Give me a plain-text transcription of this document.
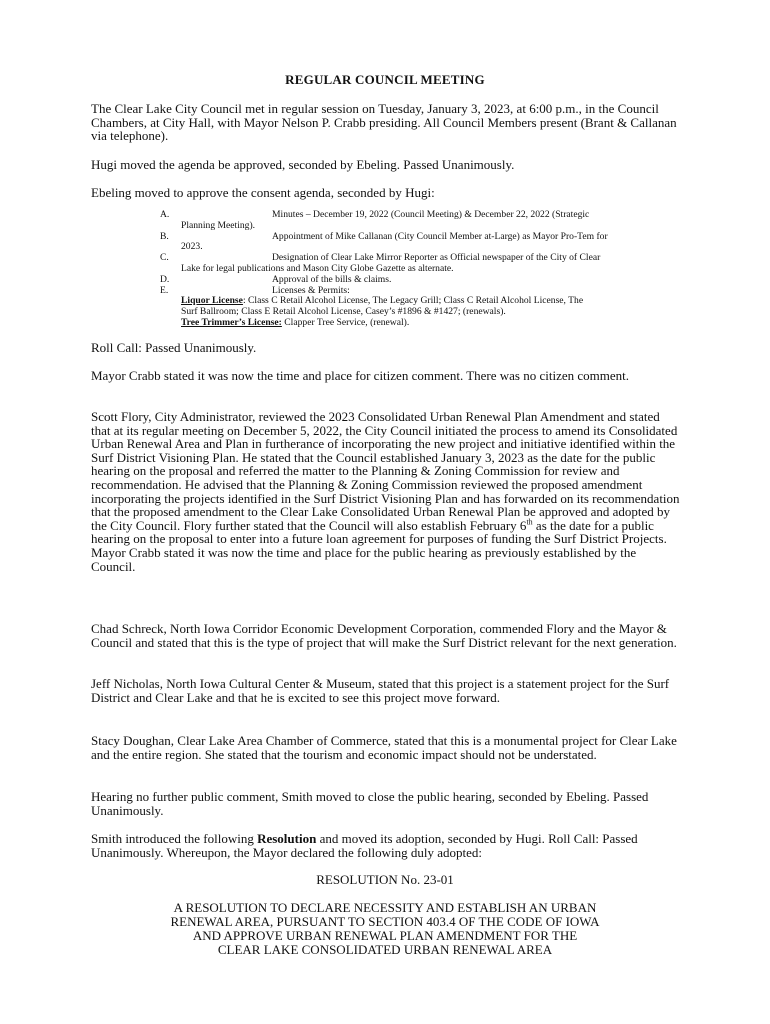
REGULAR COUNCIL MEETING

The Clear Lake City Council met in regular session on Tuesday, January 3, 2023, at 6:00 p.m., in the Council Chambers, at City Hall, with Mayor Nelson P. Crabb presiding. All Council Members present (Brant & Callanan via telephone).

Hugi moved the agenda be approved, seconded by Ebeling. Passed Unanimously.

Ebeling moved to approve the consent agenda, seconded by Hugi:

A.	Minutes – December 19, 2022 (Council Meeting) & December 22, 2022 (Strategic
Planning Meeting).
B.	Appointment of Mike Callanan (City Council Member at-Large) as Mayor Pro-Tem for
2023.
C.	Designation of Clear Lake Mirror Reporter as Official newspaper of the City of Clear
Lake for legal publications and Mason City Globe Gazette as alternate.
D.	Approval of the bills & claims.
E.	Licenses & Permits:
Liquor License: Class C Retail Alcohol License, The Legacy Grill; Class C Retail Alcohol License, The
Surf Ballroom; Class E Retail Alcohol License, Casey’s #1896 & #1427; (renewals).
Tree Trimmer’s License: Clapper Tree Service, (renewal).

Roll Call: Passed Unanimously.

Mayor Crabb stated it was now the time and place for citizen comment. There was no citizen comment.

Scott Flory, City Administrator, reviewed the 2023 Consolidated Urban Renewal Plan Amendment and stated that at its regular meeting on December 5, 2022, the City Council initiated the process to amend its Consolidated Urban Renewal Area and Plan in furtherance of incorporating the new project and initiative identified within the Surf District Visioning Plan. He stated that the Council established January 3, 2023 as the date for the public hearing on the proposal and referred the matter to the Planning & Zoning Commission for review and recommendation. He advised that the Planning & Zoning Commission reviewed the proposed amendment incorporating the projects identified in the Surf District Visioning Plan and has forwarded on its recommendation that the proposed amendment to the Clear Lake Consolidated Urban Renewal Plan be approved and adopted by the City Council. Flory further stated that the Council will also establish February 6th as the date for a public hearing on the proposal to enter into a future loan agreement for purposes of funding the Surf District Projects. Mayor Crabb stated it was now the time and place for the public hearing as previously established by the Council.

Chad Schreck, North Iowa Corridor Economic Development Corporation, commended Flory and the Mayor & Council and stated that this is the type of project that will make the Surf District relevant for the next generation.

Jeff Nicholas, North Iowa Cultural Center & Museum, stated that this project is a statement project for the Surf District and Clear Lake and that he is excited to see this project move forward.

Stacy Doughan, Clear Lake Area Chamber of Commerce, stated that this is a monumental project for Clear Lake and the entire region. She stated that the tourism and economic impact should not be understated.

Hearing no further public comment, Smith moved to close the public hearing, seconded by Ebeling. Passed Unanimously.

Smith introduced the following Resolution and moved its adoption, seconded by Hugi. Roll Call: Passed Unanimously. Whereupon, the Mayor declared the following duly adopted:

RESOLUTION No. 23-01
A RESOLUTION TO DECLARE NECESSITY AND ESTABLISH AN URBAN
RENEWAL AREA, PURSUANT TO SECTION 403.4 OF THE CODE OF IOWA
AND APPROVE URBAN RENEWAL PLAN AMENDMENT FOR THE
CLEAR LAKE CONSOLIDATED URBAN RENEWAL AREA
